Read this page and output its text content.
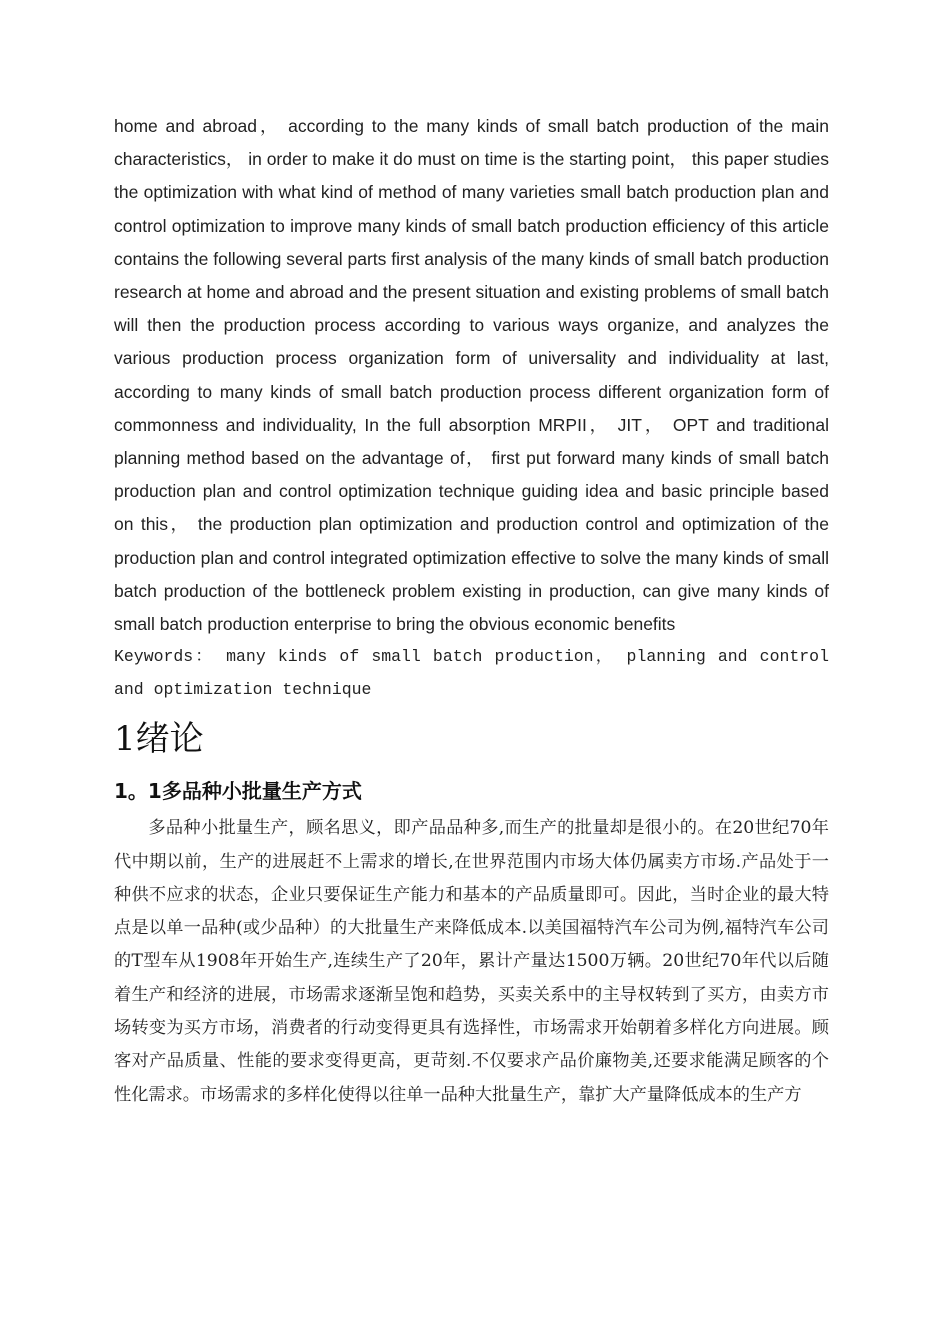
home and abroad， according to the many kinds of small batch production of the main characteristics， in order to make it do must on time is the starting point， this paper studies the optimization with what kind of method of many varieties small batch production plan and control optimization to improve many kinds of small batch production efficiency of this article contains the following several parts first analysis of the many kinds of small batch production research at home and abroad and the present situation and existing problems of small batch will then the production process according to various ways organize, and analyzes the various production process organization form of universality and individuality at last, according to many kinds of small batch production process different organization form of commonness and individuality, In the full absorption MRPII， JIT， OPT and traditional planning method based on the advantage of， first put forward many kinds of small batch production plan and control optimization technique guiding idea and basic principle based on this， the production plan optimization and production control and optimization of the production plan and control integrated optimization effective to solve the many kinds of small batch production of the bottleneck problem existing in production, can give many kinds of small batch production enterprise to bring the obvious economic benefits

Keywords： many kinds of small batch production， planning and control and optimization technique

1绪论
1。1多品种小批量生产方式

多品种小批量生产，顾名思义，即产品品种多,而生产的批量却是很小的。在20世纪70年代中期以前，生产的进展赶不上需求的增长,在世界范围内市场大体仍属卖方市场.产品处于一种供不应求的状态，企业只要保证生产能力和基本的产品质量即可。因此，当时企业的最大特点是以单一品种(或少品种）的大批量生产来降低成本.以美国福特汽车公司为例,福特汽车公司的T型车从1908年开始生产,连续生产了20年，累计产量达1500万辆。20世纪70年代以后随着生产和经济的进展，市场需求逐渐呈饱和趋势，买卖关系中的主导权转到了买方，由卖方市场转变为买方市场，消费者的行动变得更具有选择性，市场需求开始朝着多样化方向进展。顾客对产品质量、性能的要求变得更高，更苛刻.不仅要求产品价廉物美,还要求能满足顾客的个性化需求。市场需求的多样化使得以往单一品种大批量生产，靠扩大产量降低成本的生产方
